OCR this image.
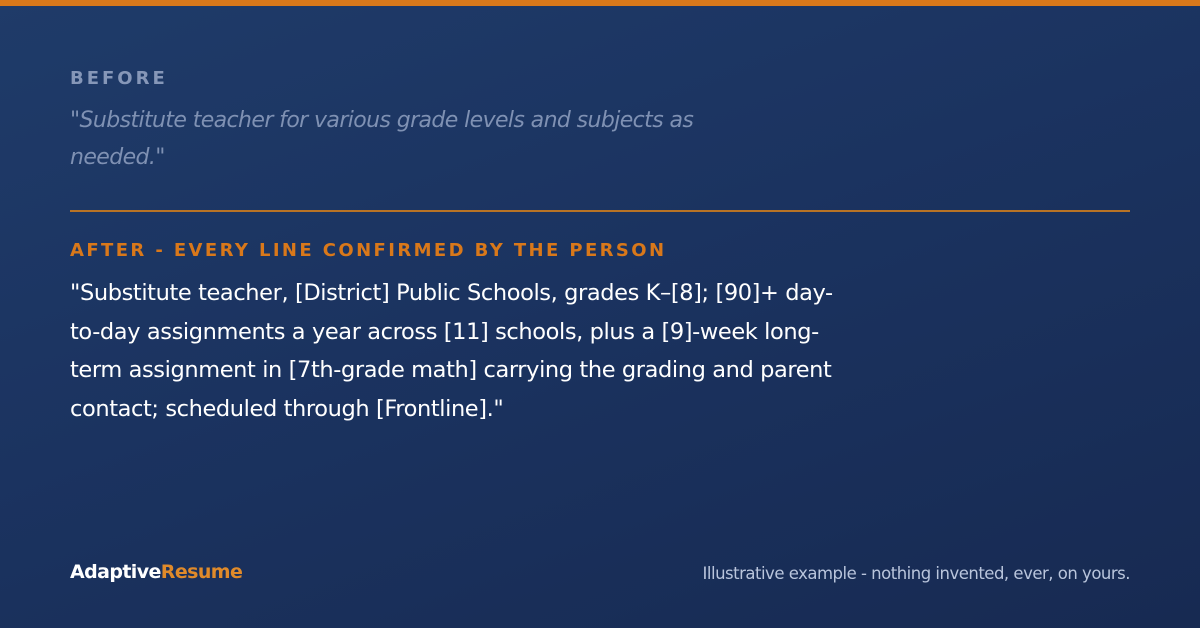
BEFORE
"Substitute teacher for various grade levels and subjects as needed."
AFTER - EVERY LINE CONFIRMED BY THE PERSON
"Substitute teacher, [District] Public Schools, grades K–[8]; [90]+ day-to-day assignments a year across [11] schools, plus a [9]-week long-term assignment in [7th-grade math] carrying the grading and parent contact; scheduled through [Frontline]."
AdaptiveResume	Illustrative example - nothing invented, ever, on yours.
